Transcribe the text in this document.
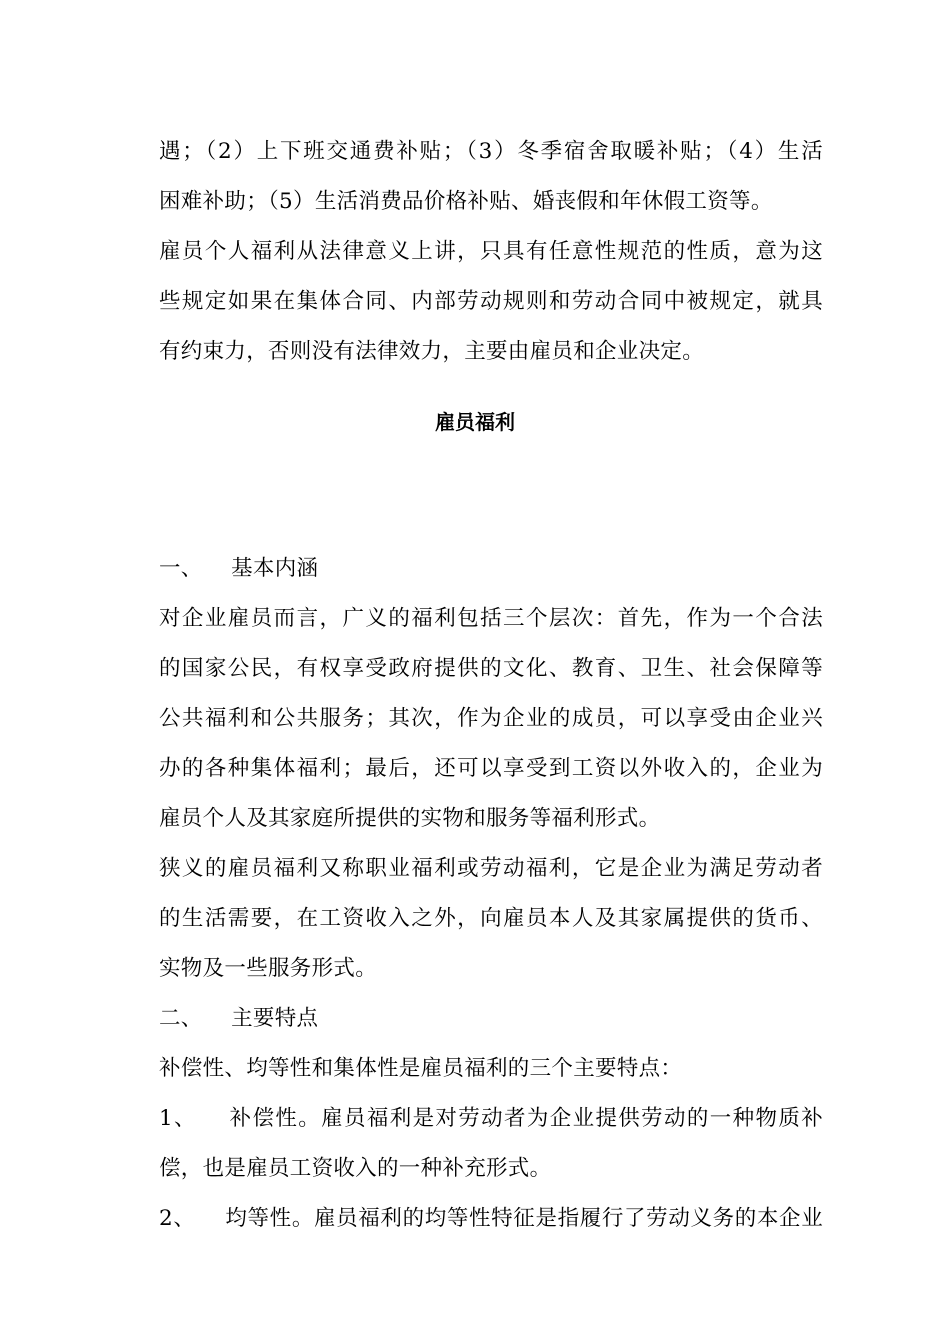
遇；（2）上下班交通费补贴；（3）冬季宿舍取暖补贴；（4）生活
困难补助；（5）生活消费品价格补贴、婚丧假和年休假工资等。
雇员个人福利从法律意义上讲，只具有任意性规范的性质，意为这
些规定如果在集体合同、内部劳动规则和劳动合同中被规定，就具
有约束力，否则没有法律效力，主要由雇员和企业决定。
雇员福利
一、    基本内涵
对企业雇员而言，广义的福利包括三个层次：首先，作为一个合法
的国家公民，有权享受政府提供的文化、教育、卫生、社会保障等
公共福利和公共服务；其次，作为企业的成员，可以享受由企业兴
办的各种集体福利；最后，还可以享受到工资以外收入的，企业为
雇员个人及其家庭所提供的实物和服务等福利形式。
狭义的雇员福利又称职业福利或劳动福利，它是企业为满足劳动者
的生活需要，在工资收入之外，向雇员本人及其家属提供的货币、
实物及一些服务形式。
二、    主要特点
补偿性、均等性和集体性是雇员福利的三个主要特点：
1、    补偿性。雇员福利是对劳动者为企业提供劳动的一种物质补
偿，也是雇员工资收入的一种补充形式。
2、    均等性。雇员福利的均等性特征是指履行了劳动义务的本企业
